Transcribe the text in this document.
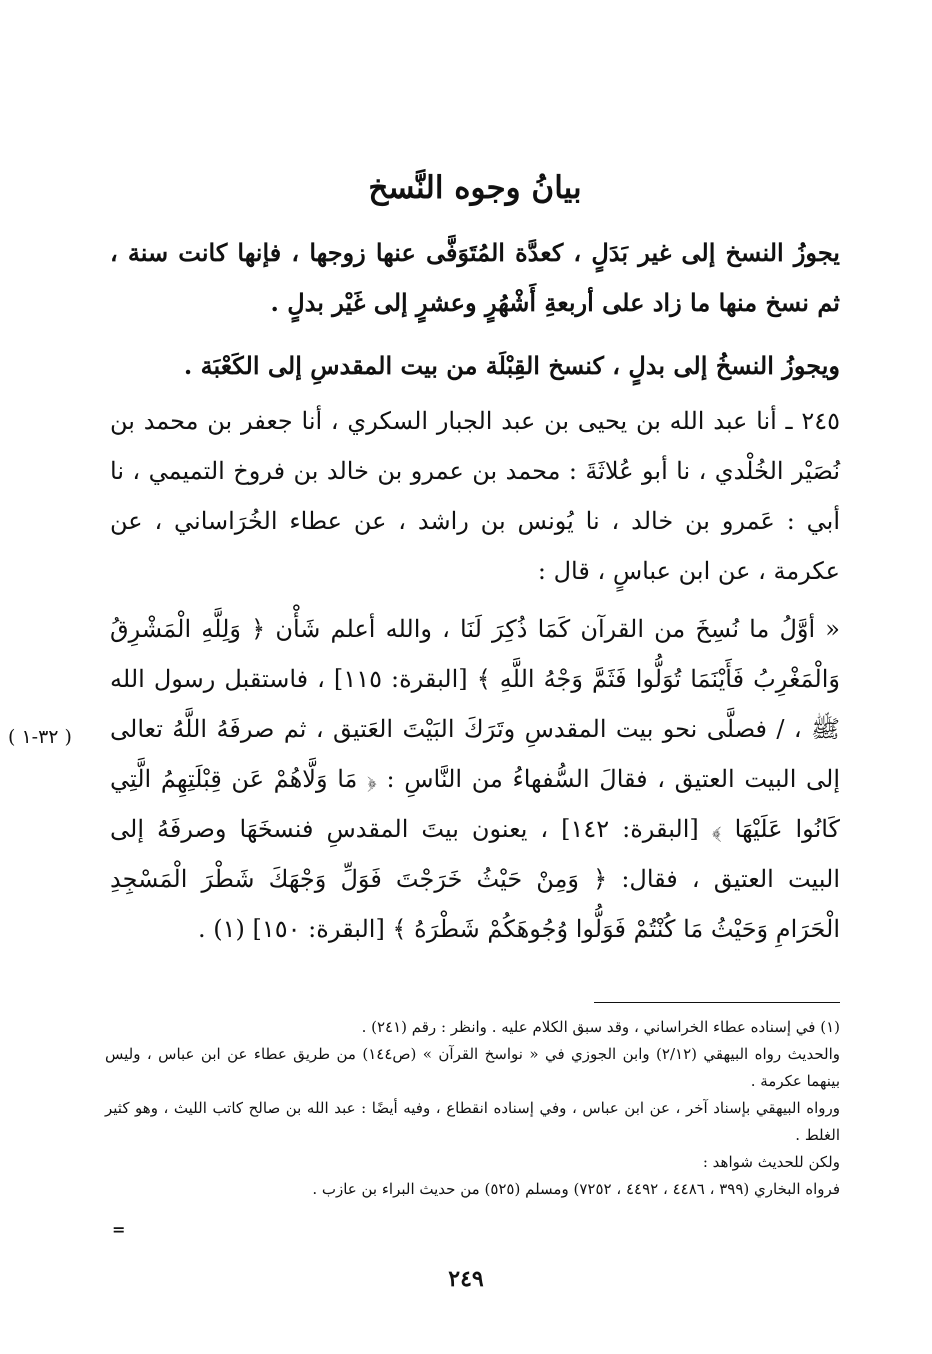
بيانُ وجوه النَّسخ

يجوزُ النسخ إلى غير بَدَلٍ ، كعدَّة المُتَوَفَّى عنها زوجها ، فإنها كانت سنة ، ثم نسخ منها ما زاد على أربعةِ أَشْهُرٍ وعشرٍ إلى غَيْر بدلٍ .

ويجوزُ النسخُ إلى بدلٍ ، كنسخ القِبْلَة من بيت المقدسِ إلى الكَعْبَة .

٢٤٥ ـ أنا عبد الله بن يحيى بن عبد الجبار السكري ، أنا جعفر بن محمد بن نُصَيْر الخُلْدي ، نا أبو عُلاثَةَ : محمد بن عمرو بن خالد بن فروخ التميمي ، نا أبي : عَمرو بن خالد ، نا يُونس بن راشد ، عن عطاء الخُرَاساني ، عن عكرمة ، عن ابن عباسٍ ، قال :

« أوَّلُ ما نُسِخَ من القرآن كَمَا ذُكِرَ لَنَا ، والله أعلم شَأْن ﴿ وَلِلَّهِ الْمَشْرِقُ وَالْمَغْرِبُ فَأَيْنَمَا تُوَلُّوا فَثَمَّ وَجْهُ اللَّهِ ﴾ [البقرة: ١١٥] ، فاستقبل رسول الله ﷺ ، / فصلَّى نحو بيت المقدسِ وتَرَكَ البَيْتَ العَتيق ، ثم صرفَهُ اللَّهُ تعالى إلى البيت العتيق ، فقالَ السُّفهاءُ من النَّاسِ : ﴿ مَا وَلَّاهُمْ عَن قِبْلَتِهِمُ الَّتِي كَانُوا عَلَيْهَا ﴾ [البقرة: ١٤٢] ، يعنون بيتَ المقدسِ فنسخَهَا وصرفَهُ إلى البيت العتيق ، فقال: ﴿ وَمِنْ حَيْثُ خَرَجْتَ فَوَلِّ وَجْهَكَ شَطْرَ الْمَسْجِدِ الْحَرَامِ وَحَيْثُ مَا كُنْتُمْ فَوَلُّوا وُجُوهَكُمْ شَطْرَهُ ﴾ [البقرة: ١٥٠] (١) .

( ٣٢-١ )

(١) في إسناده عطاء الخراساني ، وقد سبق الكلام عليه . وانظر : رقم (٢٤١) .

والحديث رواه البيهقي (٢/١٢) وابن الجوزي في « نواسخ القرآن » (ص١٤٤) من طريق عطاء عن ابن عباس ، وليس بينهما عكرمة .

ورواه البيهقي بإسناد آخر ، عن ابن عباس ، وفي إسناده انقطاع ، وفيه أيضًا : عبد الله بن صالح كاتب الليث ، وهو كثير الغلط .

ولكن للحديث شواهد :

فرواه البخاري (٣٩٩ ، ٤٤٨٦ ، ٤٤٩٢ ، ٧٢٥٢) ومسلم (٥٢٥) من حديث البراء بن عازب .

=
٢٤٩
